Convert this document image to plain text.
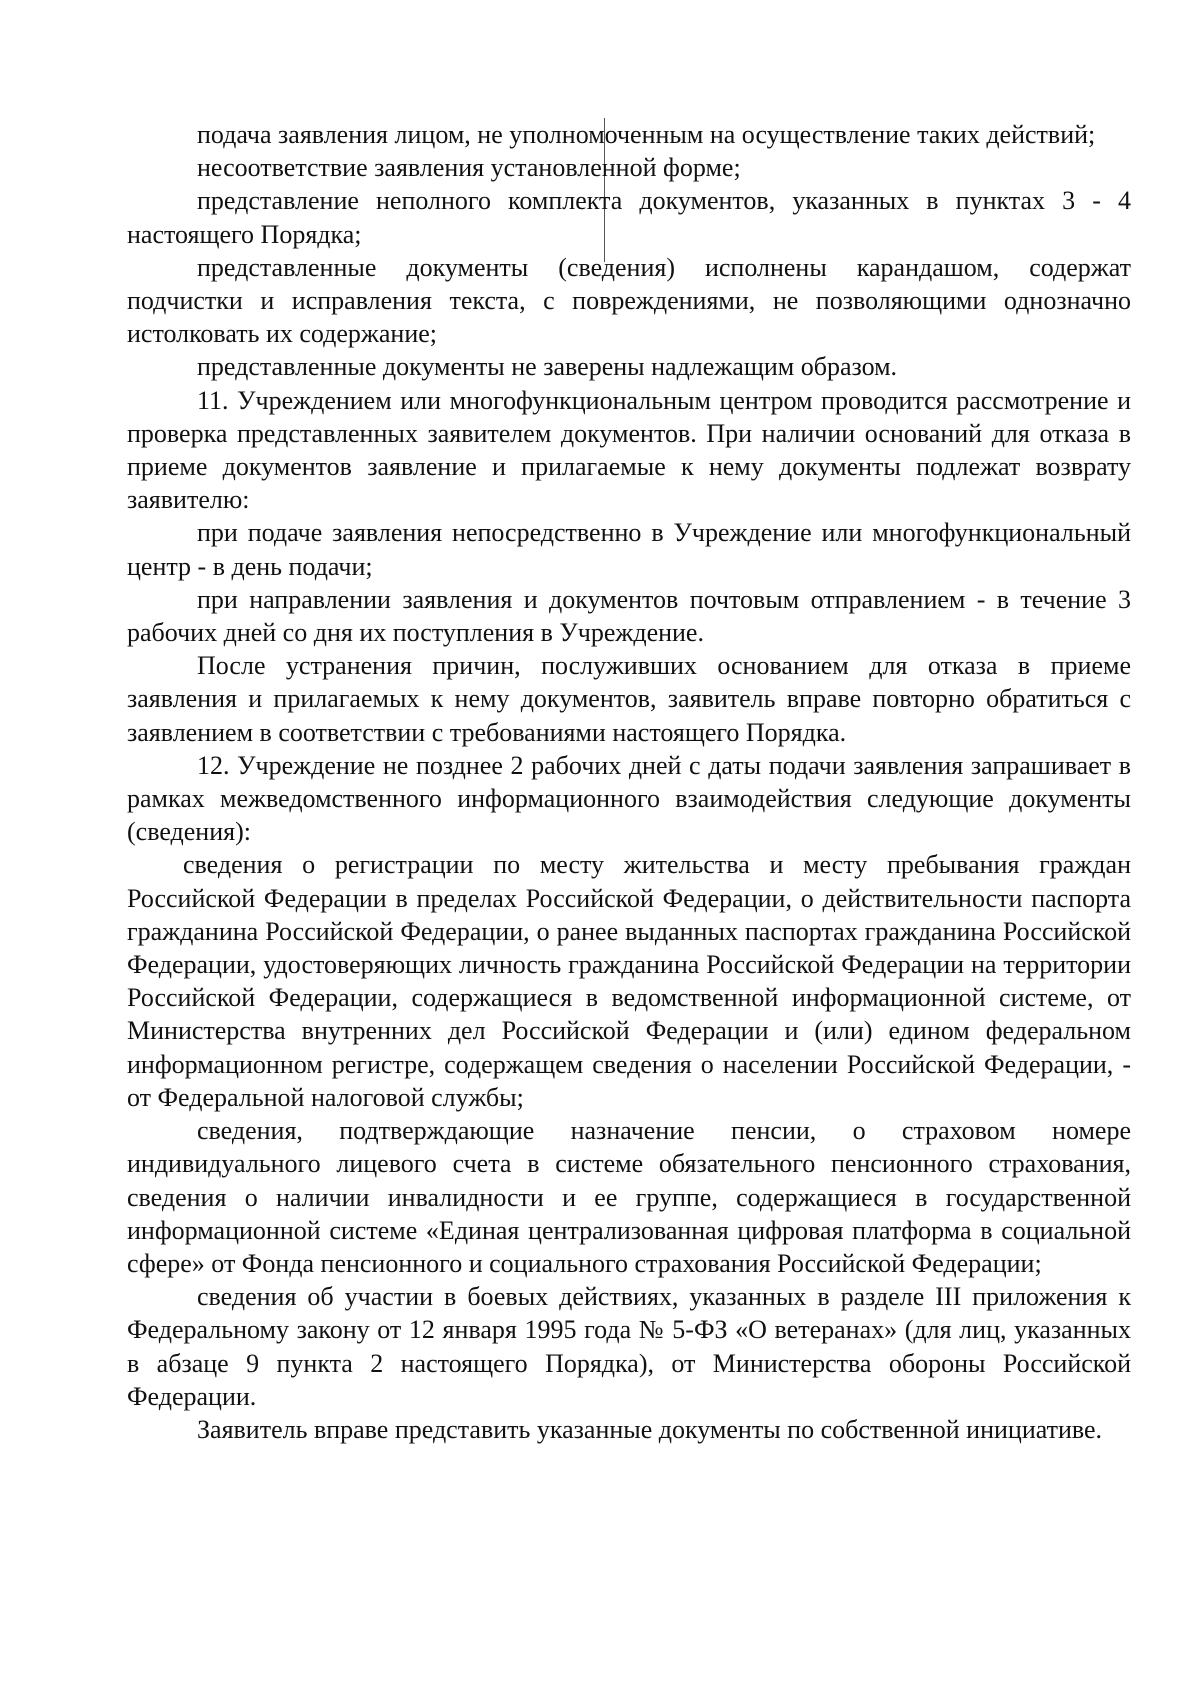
подача заявления лицом, не уполномоченным на осуществление таких действий;

несоответствие заявления установленной форме;

представление неполного комплекта документов, указанных в пунктах 3 - 4 настоящего Порядка;

представленные документы (сведения) исполнены карандашом, содержат подчистки и исправления текста, с повреждениями, не позволяющими однозначно истолковать их содержание;

представленные документы не заверены надлежащим образом.

11. Учреждением или многофункциональным центром проводится рассмотрение и проверка представленных заявителем документов. При наличии оснований для отказа в приеме документов заявление и прилагаемые к нему документы подлежат возврату заявителю:

при подаче заявления непосредственно в Учреждение или многофункциональный центр - в день подачи;

при направлении заявления и документов почтовым отправлением - в течение 3 рабочих дней со дня их поступления в Учреждение.

После устранения причин, послуживших основанием для отказа в приеме заявления и прилагаемых к нему документов, заявитель вправе повторно обратиться с заявлением в соответствии с требованиями настоящего Порядка.

12. Учреждение не позднее 2 рабочих дней с даты подачи заявления запрашивает в рамках межведомственного информационного взаимодействия следующие документы (сведения):

сведения о регистрации по месту жительства и месту пребывания граждан Российской Федерации в пределах Российской Федерации, о действительности паспорта гражданина Российской Федерации, о ранее выданных паспортах гражданина Российской Федерации, удостоверяющих личность гражданина Российской Федерации на территории Российской Федерации, содержащиеся в ведомственной информационной системе, от Министерства внутренних дел Российской Федерации и (или) едином федеральном информационном регистре, содержащем сведения о населении Российской Федерации, - от Федеральной налоговой службы;

сведения, подтверждающие назначение пенсии, о страховом номере индивидуального лицевого счета в системе обязательного пенсионного страхования, сведения о наличии инвалидности и ее группе, содержащиеся в государственной информационной системе «Единая централизованная цифровая платформа в социальной сфере» от Фонда пенсионного и социального страхования Российской Федерации;

сведения об участии в боевых действиях, указанных в разделе III приложения к Федеральному закону от 12 января 1995 года № 5-ФЗ «О ветеранах» (для лиц, указанных в абзаце 9 пункта 2 настоящего Порядка), от Министерства обороны Российской Федерации.

Заявитель вправе представить указанные документы по собственной инициативе.
